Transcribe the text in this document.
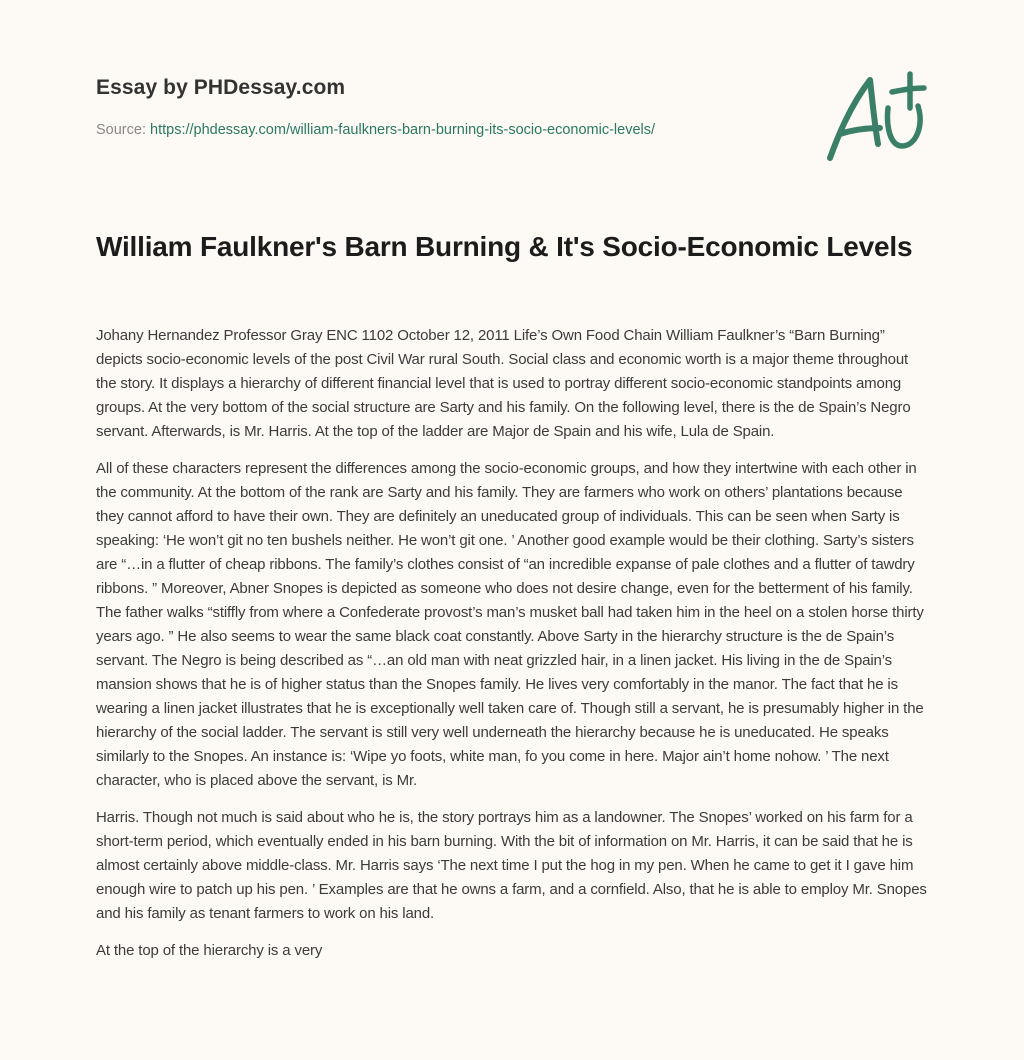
Essay by PHDessay.com
Source: https://phdessay.com/william-faulkners-barn-burning-its-socio-economic-levels/
William Faulkner's Barn Burning & It's Socio-Economic Levels

Johany Hernandez Professor Gray ENC 1102 October 12, 2011 Life’s Own Food Chain William Faulkner’s “Barn Burning” depicts socio-economic levels of the post Civil War rural South. Social class and economic worth is a major theme throughout the story. It displays a hierarchy of different financial level that is used to portray different socio-economic standpoints among groups. At the very bottom of the social structure are Sarty and his family. On the following level, there is the de Spain’s Negro servant. Afterwards, is Mr. Harris. At the top of the ladder are Major de Spain and his wife, Lula de Spain.

All of these characters represent the differences among the socio-economic groups, and how they intertwine with each other in the community. At the bottom of the rank are Sarty and his family. They are farmers who work on others’ plantations because they cannot afford to have their own. They are definitely an uneducated group of individuals. This can be seen when Sarty is speaking: ‘He won’t git no ten bushels neither. He won’t git one. ’ Another good example would be their clothing. Sarty’s sisters are “…in a flutter of cheap ribbons. The family’s clothes consist of “an incredible expanse of pale clothes and a flutter of tawdry ribbons. ” Moreover, Abner Snopes is depicted as someone who does not desire change, even for the betterment of his family. The father walks “stiffly from where a Confederate provost’s man’s musket ball had taken him in the heel on a stolen horse thirty years ago. ” He also seems to wear the same black coat constantly. Above Sarty in the hierarchy structure is the de Spain’s servant. The Negro is being described as “…an old man with neat grizzled hair, in a linen jacket. His living in the de Spain’s mansion shows that he is of higher status than the Snopes family. He lives very comfortably in the manor. The fact that he is wearing a linen jacket illustrates that he is exceptionally well taken care of. Though still a servant, he is presumably higher in the hierarchy of the social ladder. The servant is still very well underneath the hierarchy because he is uneducated. He speaks similarly to the Snopes. An instance is: ‘Wipe yo foots, white man, fo you come in here. Major ain’t home nohow. ’ The next character, who is placed above the servant, is Mr.

Harris. Though not much is said about who he is, the story portrays him as a landowner. The Snopes’ worked on his farm for a short-term period, which eventually ended in his barn burning. With the bit of information on Mr. Harris, it can be said that he is almost certainly above middle-class. Mr. Harris says ‘The next time I put the hog in my pen. When he came to get it I gave him enough wire to patch up his pen. ’ Examples are that he owns a farm, and a cornfield. Also, that he is able to employ Mr. Snopes and his family as tenant farmers to work on his land.

At the top of the hierarchy is a very
